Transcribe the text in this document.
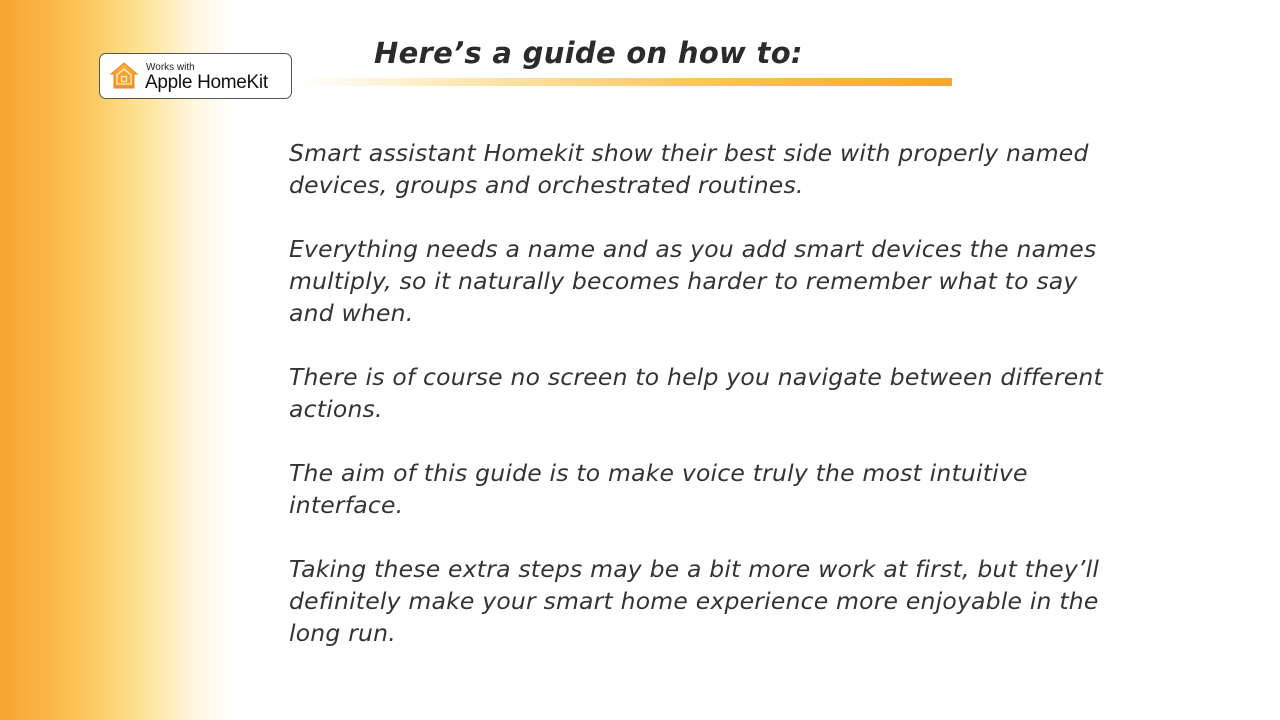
Works with
Apple HomeKit
Here’s a guide on how to:

Smart assistant Homekit show their best side with properly named
devices, groups and orchestrated routines.

Everything needs a name and as you add smart devices the names
multiply, so it naturally becomes harder to remember what to say
and when.

There is of course no screen to help you navigate between different
actions.

The aim of this guide is to make voice truly the most intuitive
interface.

Taking these extra steps may be a bit more work at first, but they’ll
definitely make your smart home experience more enjoyable in the
long run.
